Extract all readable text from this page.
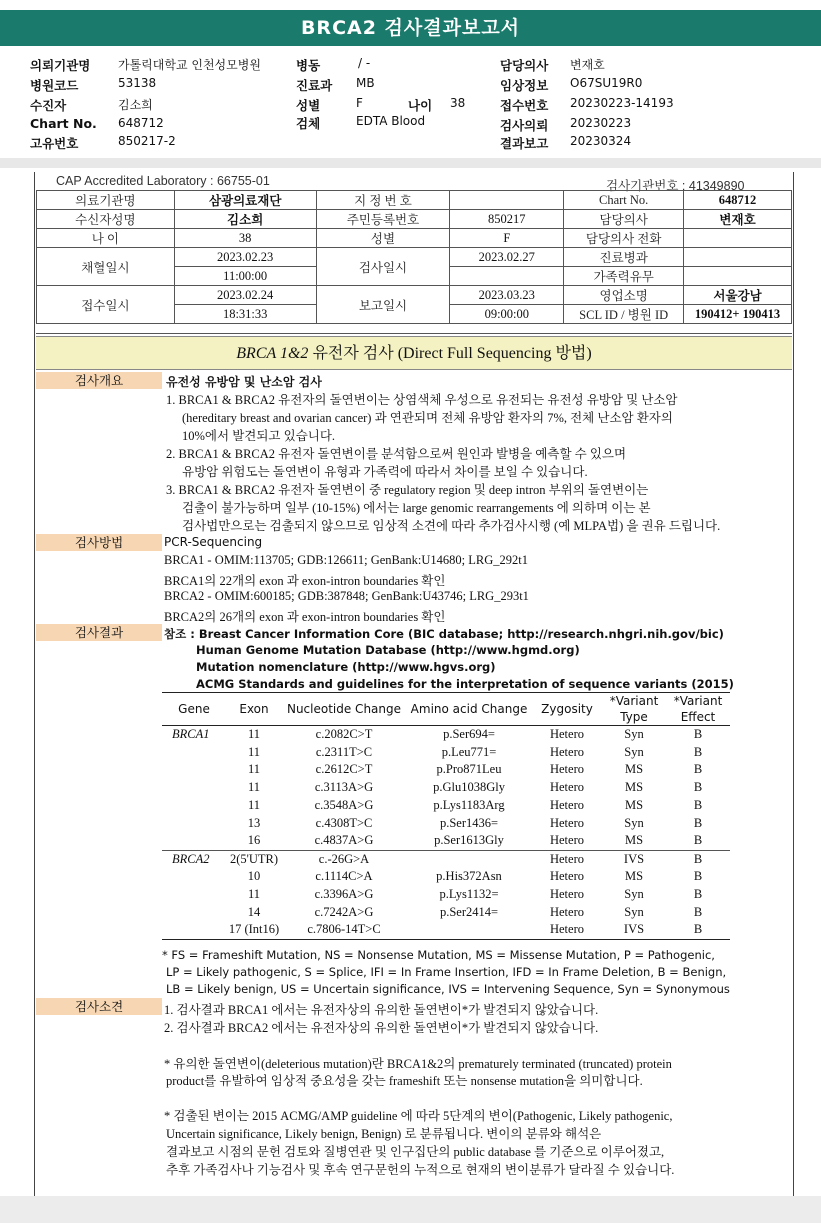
BRCA2 검사결과보고서
의뢰기관명 가톨릭대학교 인천성모병원
병원코드	53138
수진자	김소희
Chart No. 648712
고유번호	850217-2
병동	/ -
진료과 MB
성별	F	나이 38
검체	EDTA Blood
담당의사 변재호
임상정보 O67SU19R0
접수번호 20230223-14193
검사의뢰 20230223
결과보고 20230324
CAP Accredited Laboratory : 66755-01	검사기관번호 : 41349890
의료기관명	삼광의료재단	지 정 번 호		Chart No.	648712
수신자성명	김소희	주민등록번호	850217	담당의사	변재호
나 이	38	성별	F	담당의사 전화	
채혈일시	2023.02.23	검사일시	2023.02.27	진료병과	
	11:00:00			가족력유무	
접수일시	2023.02.24	보고일시	2023.03.23	영업소명	서울강남
	18:31:33		09:00:00	SCL ID / 병원 ID	190412+ 190413
BRCA 1&2 유전자 검사 (Direct Full Sequencing 방법)
검사개요	유전성 유방암 및 난소암 검사
1. BRCA1 & BRCA2 유전자의 돌연변이는 상염색체 우성으로 유전되는 유전성 유방암 및 난소암
(hereditary breast and ovarian cancer) 과 연관되며 전체 유방암 환자의 7%, 전체 난소암 환자의
10%에서 발견되고 있습니다.
2. BRCA1 & BRCA2 유전자 돌연변이를 분석함으로써 원인과 발병을 예측할 수 있으며
유방암 위험도는 돌연변이 유형과 가족력에 따라서 차이를 보일 수 있습니다.
3. BRCA1 & BRCA2 유전자 돌연변이 중 regulatory region 및 deep intron 부위의 돌연변이는
검출이 불가능하며 일부 (10-15%) 에서는 large genomic rearrangements 에 의하며 이는 본
검사법만으로는 검출되지 않으므로 임상적 소견에 따라 추가검사시행 (예 MLPA법) 을 권유 드립니다.
검사방법	PCR-Sequencing
BRCA1 - OMIM:113705; GDB:126611; GenBank:U14680; LRG_292t1
BRCA1의 22개의 exon 과 exon-intron boundaries 확인
BRCA2 - OMIM:600185; GDB:387848; GenBank:U43746; LRG_293t1
BRCA2의 26개의 exon 과 exon-intron boundaries 확인
검사결과	참조 : Breast Cancer Information Core (BIC database; http://research.nhgri.nih.gov/bic)
Human Genome Mutation Database (http://www.hgmd.org)
Mutation nomenclature (http://www.hgvs.org)
ACMG Standards and guidelines for the interpretation of sequence variants (2015)
Gene	Exon	Nucleotide Change	Amino acid Change	Zygosity	*Variant Type	*Variant Effect
BRCA1	11	c.2082C>T	p.Ser694=	Hetero	Syn	B
	11	c.2311T>C	p.Leu771=	Hetero	Syn	B
	11	c.2612C>T	p.Pro871Leu	Hetero	MS	B
	11	c.3113A>G	p.Glu1038Gly	Hetero	MS	B
	11	c.3548A>G	p.Lys1183Arg	Hetero	MS	B
	13	c.4308T>C	p.Ser1436=	Hetero	Syn	B
	16	c.4837A>G	p.Ser1613Gly	Hetero	MS	B
BRCA2	2(5'UTR)	c.-26G>A		Hetero	IVS	B
	10	c.1114C>A	p.His372Asn	Hetero	MS	B
	11	c.3396A>G	p.Lys1132=	Hetero	Syn	B
	14	c.7242A>G	p.Ser2414=	Hetero	Syn	B
	17 (Int16)	c.7806-14T>C		Hetero	IVS	B
* FS = Frameshift Mutation, NS = Nonsense Mutation, MS = Missense Mutation, P = Pathogenic,
LP = Likely pathogenic, S = Splice, IFI = In Frame Insertion, IFD = In Frame Deletion, B = Benign,
LB = Likely benign, US = Uncertain significance, IVS = Intervening Sequence, Syn = Synonymous
검사소견	1. 검사결과 BRCA1 에서는 유전자상의 유의한 돌연변이*가 발견되지 않았습니다.
2. 검사결과 BRCA2 에서는 유전자상의 유의한 돌연변이*가 발견되지 않았습니다.
* 유의한 돌연변이(deleterious mutation)란 BRCA1&2의 prematurely terminated (truncated) protein
product를 유발하여 임상적 중요성을 갖는 frameshift 또는 nonsense mutation을 의미합니다.
* 검출된 변이는 2015 ACMG/AMP guideline 에 따라 5단계의 변이(Pathogenic, Likely pathogenic,
Uncertain significance, Likely benign, Benign) 로 분류됩니다. 변이의 분류와 해석은
결과보고 시점의 문헌 검토와 질병연관 및 인구집단의 public database 를 기준으로 이루어졌고,
추후 가족검사나 기능검사 및 후속 연구문헌의 누적으로 현재의 변이분류가 달라질 수 있습니다.
